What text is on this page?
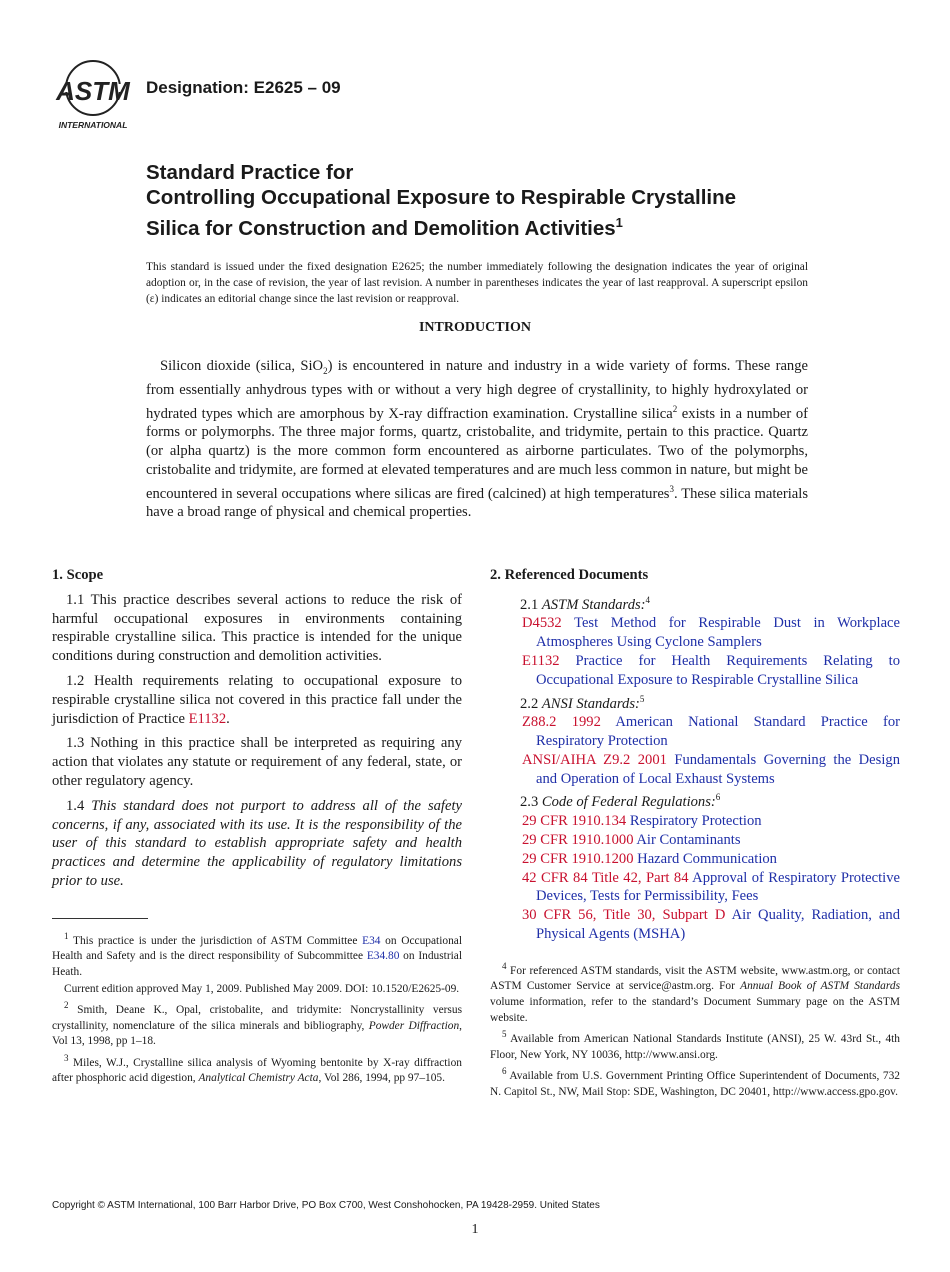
ASTM
INTERNATIONAL
Designation: E2625 – 09
Standard Practice for
Controlling Occupational Exposure to Respirable Crystalline
Silica for Construction and Demolition Activities$^1$
This standard is issued under the fixed designation E2625; the number immediately following the designation indicates the year of original adoption or, in the case of revision, the year of last revision. A number in parentheses indicates the year of last reapproval. A superscript epsilon (ε) indicates an editorial change since the last revision or reapproval.
INTRODUCTION

Silicon dioxide (silica, SiO$_2$) is encountered in nature and industry in a wide variety of forms. These range from essentially anhydrous types with or without a very high degree of crystallinity, to highly hydroxylated or hydrated types which are amorphous by X-ray diffraction examination. Crystalline silica$^2$ exists in a number of forms or polymorphs. The three major forms, quartz, cristobalite, and tridymite, pertain to this practice. Quartz (or alpha quartz) is the more common form encountered as airborne particulates. Two of the polymorphs, cristobalite and tridymite, are formed at elevated temperatures and are much less common in nature, but might be encountered in several occupations where silicas are fired (calcined) at high temperatures$^3$. These silica materials have a broad range of physical and chemical properties.

1. Scope

1.1 This practice describes several actions to reduce the risk of harmful occupational exposures in environments containing respirable crystalline silica. This practice is intended for the unique conditions during construction and demolition activities.

1.2 Health requirements relating to occupational exposure to respirable crystalline silica not covered in this practice fall under the jurisdiction of Practice E1132.

1.3 Nothing in this practice shall be interpreted as requiring any action that violates any statute or requirement of any federal, state, or other regulatory agency.

1.4 This standard does not purport to address all of the safety concerns, if any, associated with its use. It is the responsibility of the user of this standard to establish appropriate safety and health practices and determine the applicability of regulatory limitations prior to use.

2. Referenced Documents

2.1 ASTM Standards:$^4$

D4532 Test Method for Respirable Dust in Workplace Atmospheres Using Cyclone Samplers

E1132 Practice for Health Requirements Relating to Occupational Exposure to Respirable Crystalline Silica

2.2 ANSI Standards:$^5$

Z88.2 1992 American National Standard Practice for Respiratory Protection

ANSI/AIHA Z9.2 2001 Fundamentals Governing the Design and Operation of Local Exhaust Systems

2.3 Code of Federal Regulations:$^6$

29 CFR 1910.134 Respiratory Protection

29 CFR 1910.1000 Air Contaminants

29 CFR 1910.1200 Hazard Communication

42 CFR 84 Title 42, Part 84 Approval of Respiratory Protective Devices, Tests for Permissibility, Fees

30 CFR 56, Title 30, Subpart D Air Quality, Radiation, and Physical Agents (MSHA)

$^1$ This practice is under the jurisdiction of ASTM Committee E34 on Occupational Health and Safety and is the direct responsibility of Subcommittee E34.80 on Industrial Heath.

Current edition approved May 1, 2009. Published May 2009. DOI: 10.1520/E2625-09.

$^2$ Smith, Deane K., Opal, cristobalite, and tridymite: Noncrystallinity versus crystallinity, nomenclature of the silica minerals and bibliography, Powder Diffraction, Vol 13, 1998, pp 1–18.

$^3$ Miles, W.J., Crystalline silica analysis of Wyoming bentonite by X-ray diffraction after phosphoric acid digestion, Analytical Chemistry Acta, Vol 286, 1994, pp 97–105.

$^4$ For referenced ASTM standards, visit the ASTM website, www.astm.org, or contact ASTM Customer Service at service@astm.org. For Annual Book of ASTM Standards volume information, refer to the standard’s Document Summary page on the ASTM website.

$^5$ Available from American National Standards Institute (ANSI), 25 W. 43rd St., 4th Floor, New York, NY 10036, http://www.ansi.org.

$^6$ Available from U.S. Government Printing Office Superintendent of Documents, 732 N. Capitol St., NW, Mail Stop: SDE, Washington, DC 20401, http://www.access.gpo.gov.

Copyright © ASTM International, 100 Barr Harbor Drive, PO Box C700, West Conshohocken, PA 19428-2959. United States
1
